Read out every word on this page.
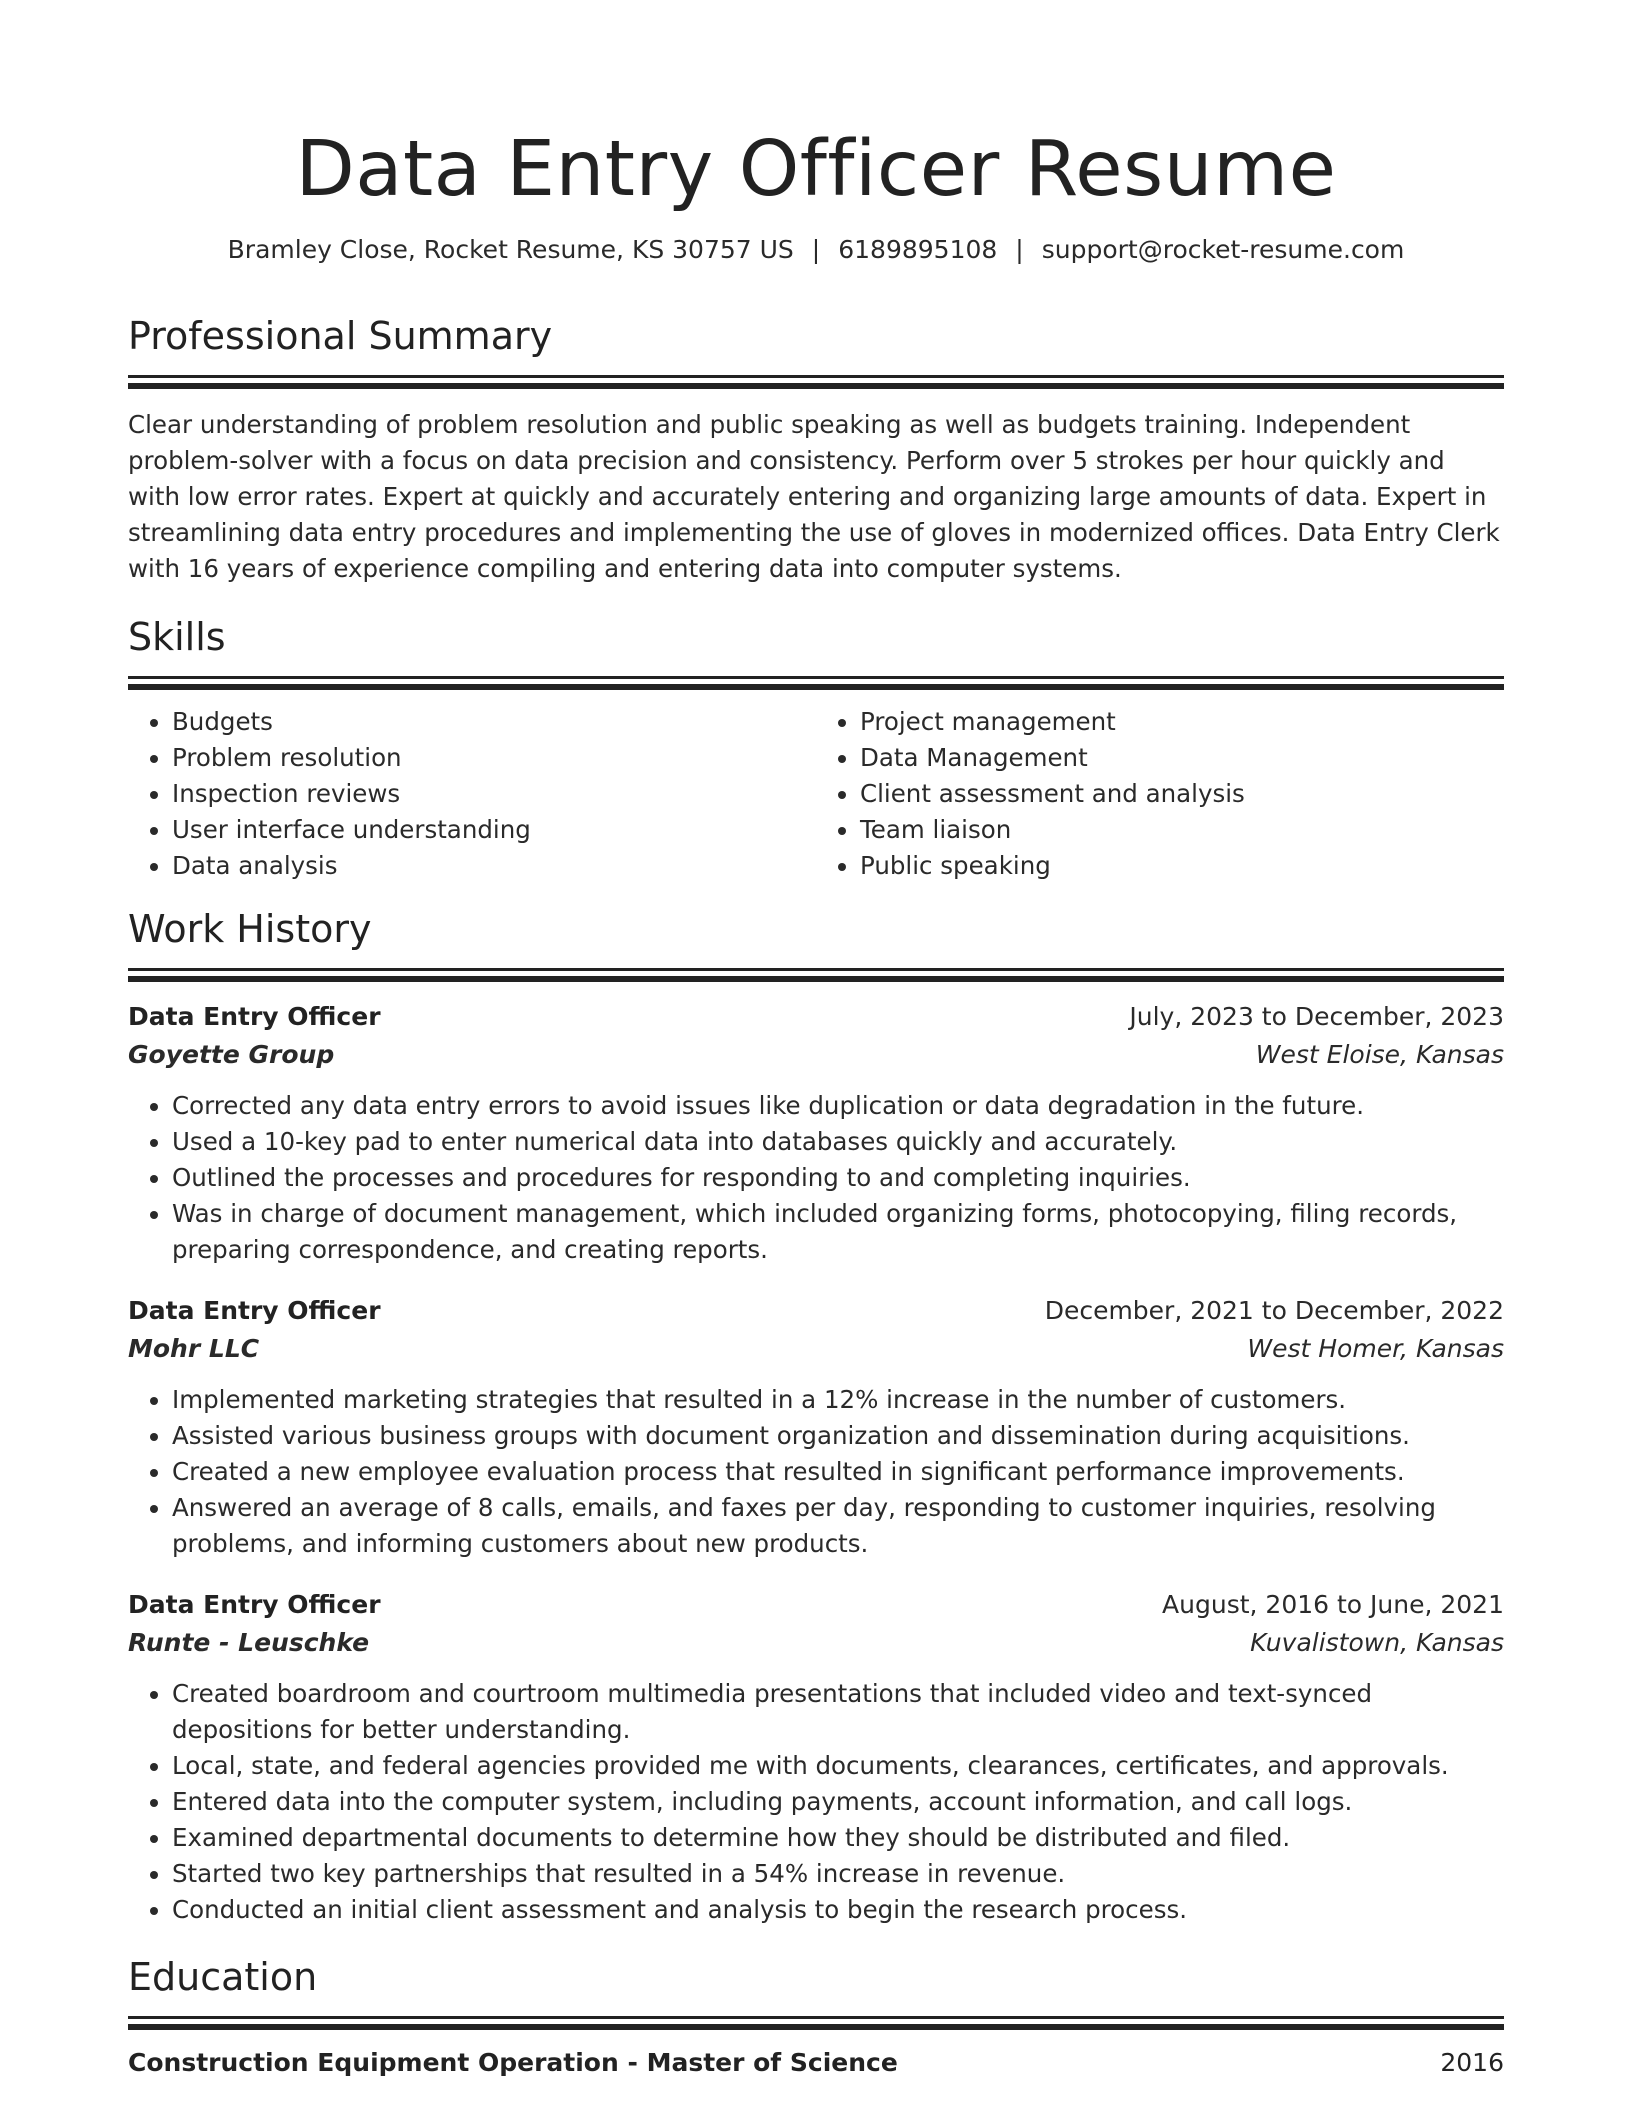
Data Entry Officer Resume
Bramley Close, Rocket Resume, KS 30757 US | 6189895108 | support@rocket-resume.com
Professional Summary

Clear understanding of problem resolution and public speaking as well as budgets training. Independent problem-solver with a focus on data precision and consistency. Perform over 5 strokes per hour quickly and with low error rates. Expert at quickly and accurately entering and organizing large amounts of data. Expert in streamlining data entry procedures and implementing the use of gloves in modernized offices. Data Entry Clerk with 16 years of experience compiling and entering data into computer systems.

Skills
• Budgets
• Problem resolution
• Inspection reviews
• User interface understanding
• Data analysis
• Project management
• Data Management
• Client assessment and analysis
• Team liaison
• Public speaking
Work History
Data Entry Officer	July, 2023 to December, 2023
Goyette Group	West Eloise, Kansas
• Corrected any data entry errors to avoid issues like duplication or data degradation in the future.
• Used a 10-key pad to enter numerical data into databases quickly and accurately.
• Outlined the processes and procedures for responding to and completing inquiries.
• Was in charge of document management, which included organizing forms, photocopying, filing records, preparing correspondence, and creating reports.
Data Entry Officer	December, 2021 to December, 2022
Mohr LLC	West Homer, Kansas
• Implemented marketing strategies that resulted in a 12% increase in the number of customers.
• Assisted various business groups with document organization and dissemination during acquisitions.
• Created a new employee evaluation process that resulted in significant performance improvements.
• Answered an average of 8 calls, emails, and faxes per day, responding to customer inquiries, resolving problems, and informing customers about new products.
Data Entry Officer	August, 2016 to June, 2021
Runte - Leuschke	Kuvalistown, Kansas
• Created boardroom and courtroom multimedia presentations that included video and text-synced depositions for better understanding.
• Local, state, and federal agencies provided me with documents, clearances, certificates, and approvals.
• Entered data into the computer system, including payments, account information, and call logs.
• Examined departmental documents to determine how they should be distributed and filed.
• Started two key partnerships that resulted in a 54% increase in revenue.
• Conducted an initial client assessment and analysis to begin the research process.
Education
Construction Equipment Operation - Master of Science	2016
